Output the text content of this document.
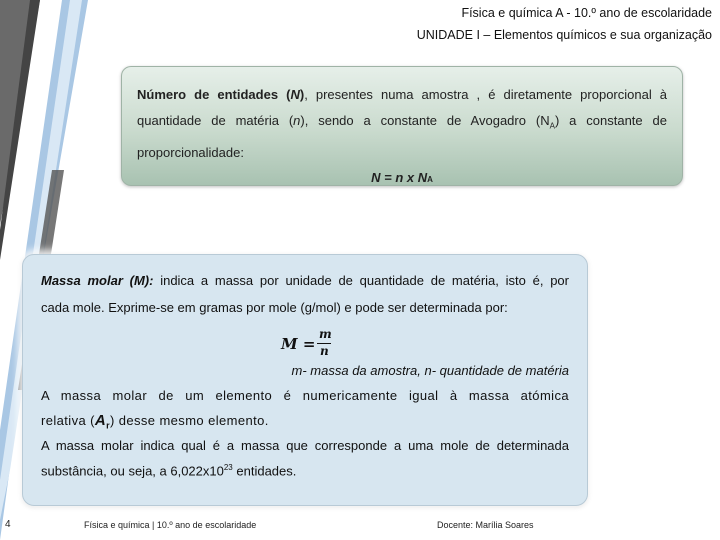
Física e química A - 10.º ano de escolaridade
UNIDADE I – Elementos químicos e sua organização
Número de entidades (N), presentes numa amostra , é diretamente proporcional à quantidade de matéria (n), sendo a constante de Avogadro $(N_A)$ a constante de proporcionalidade:
N = n x NA
Massa molar (M): indica a massa por unidade de quantidade de matéria, isto é, por
cada mole. Exprime-se em gramas por mole (g/mol) e pode ser determinada por:
M =
m
n
m- massa da amostra, n- quantidade de matéria
A massa molar de um elemento é numericamente igual à massa atómica
relativa $(A_r)$ desse mesmo elemento.
A massa molar indica qual é a massa que corresponde a uma mole de determinada
substância, ou seja, a $6,022x10^{23}$ entidades.
4	Física e química | 10.º ano de escolaridade	Docente: Marília Soares
